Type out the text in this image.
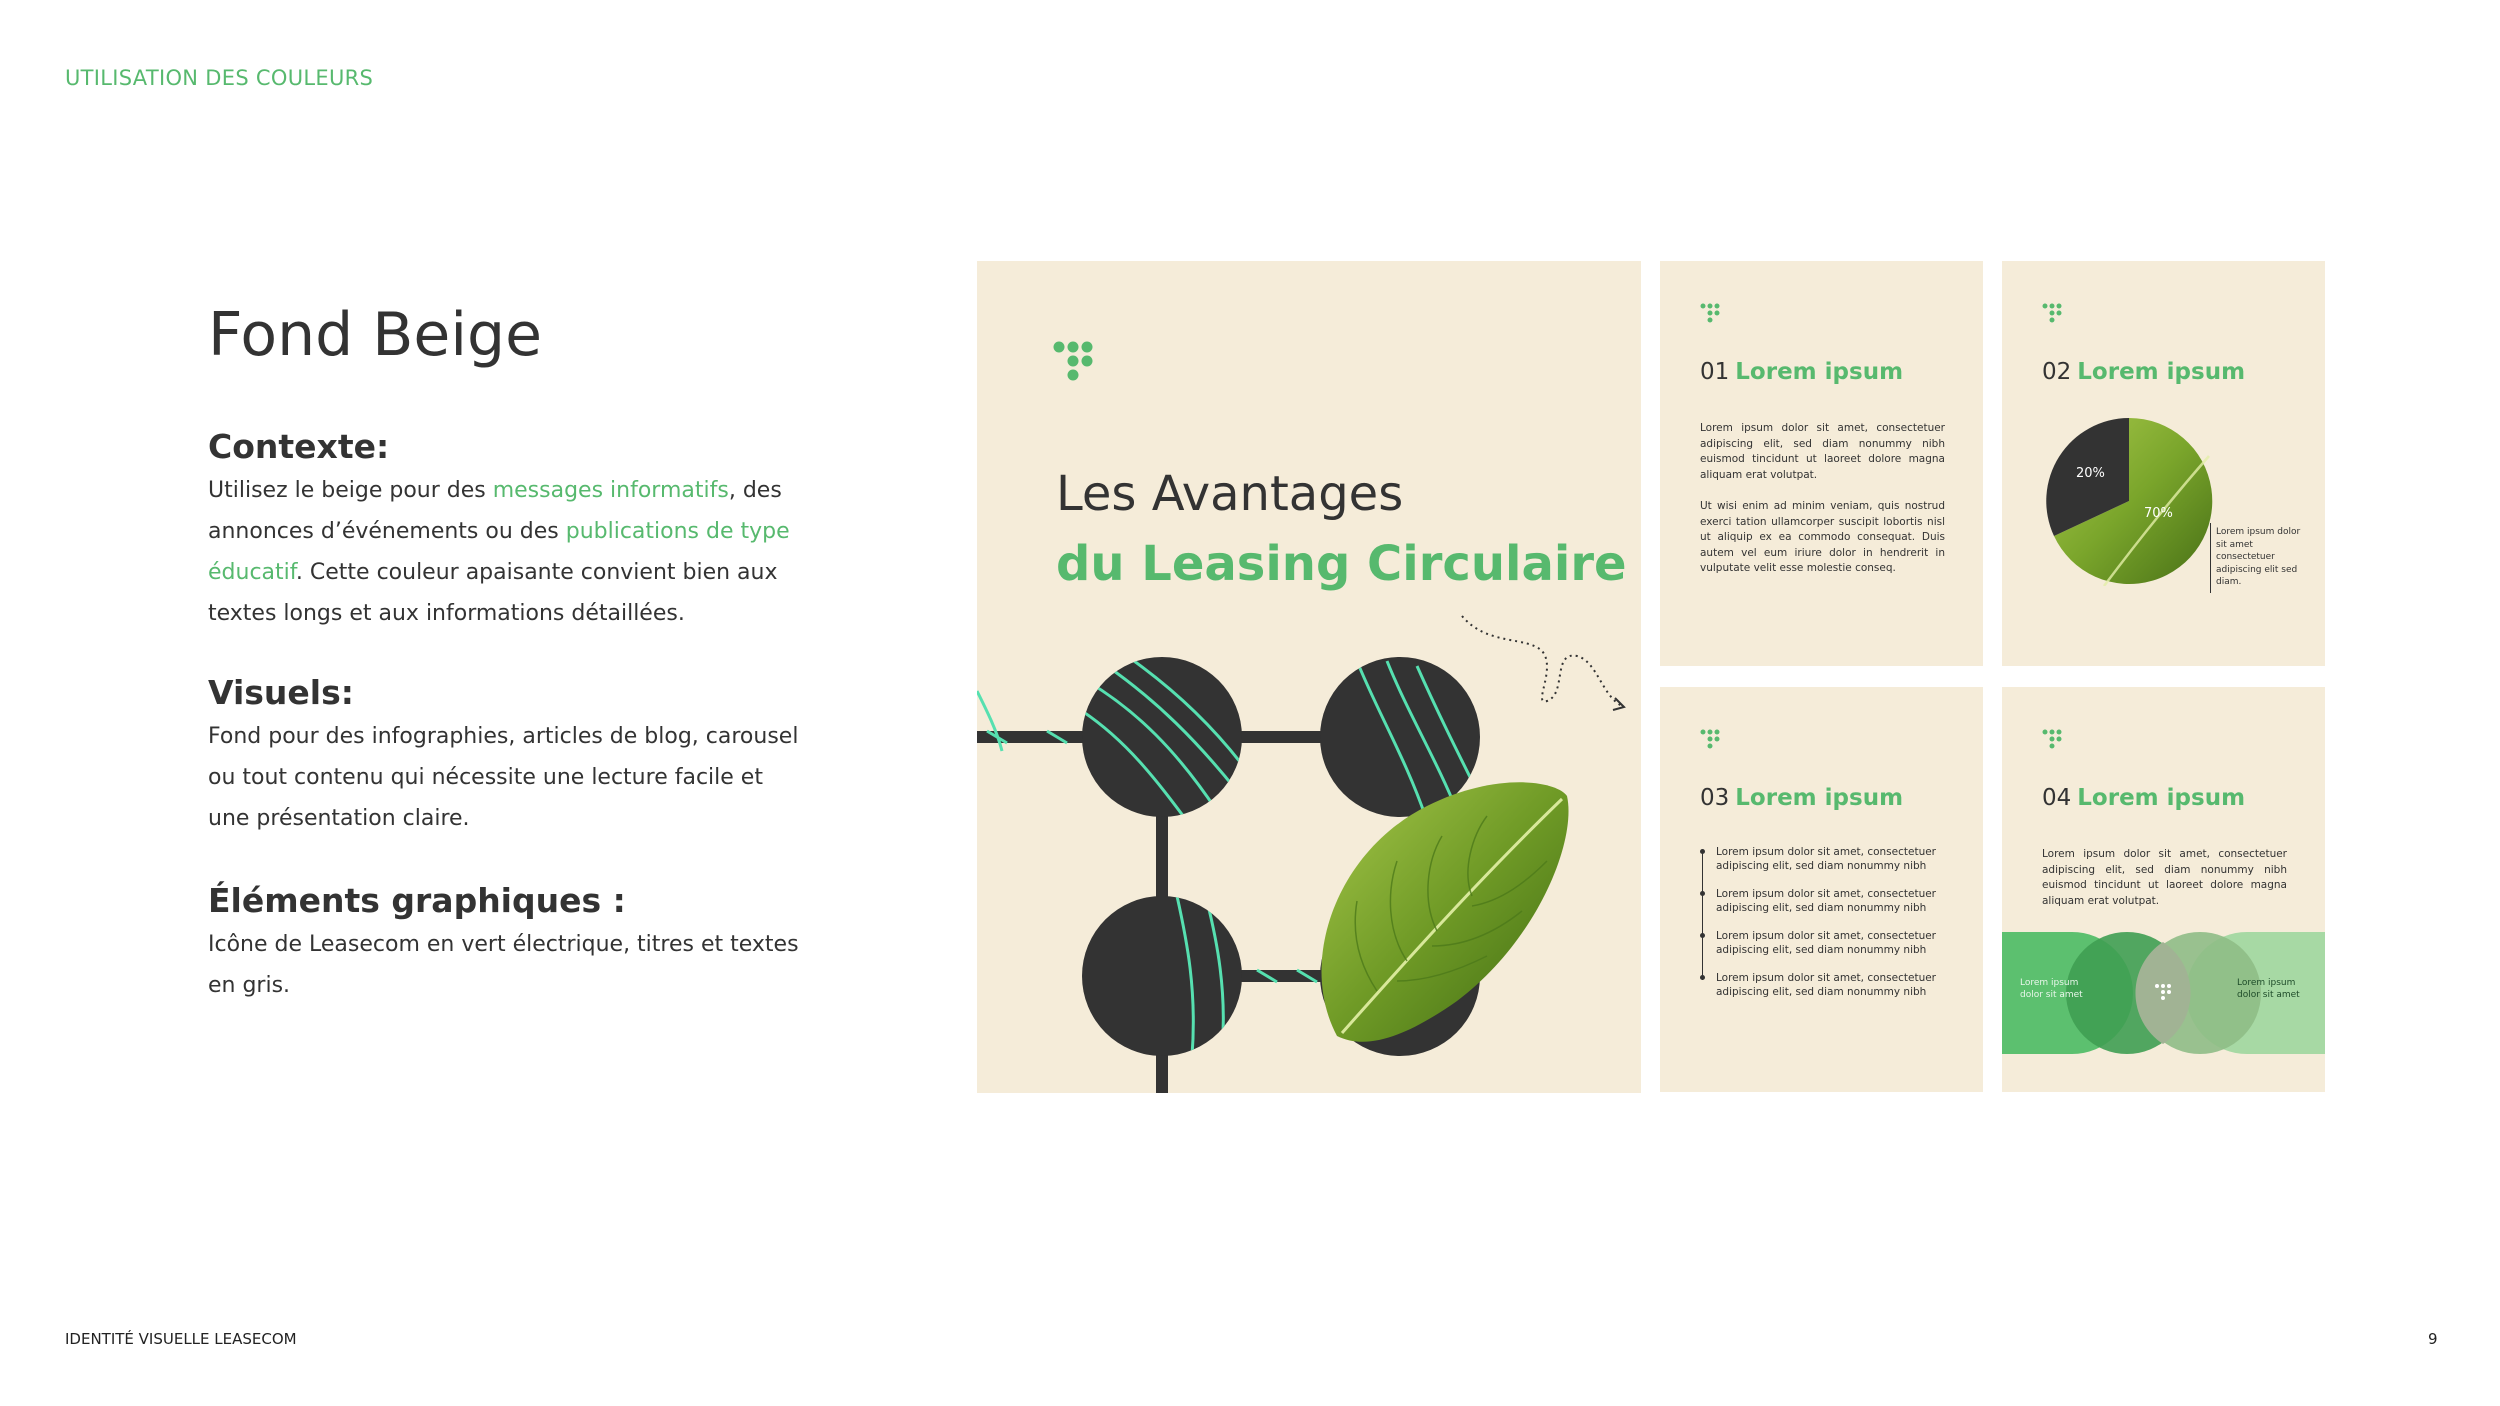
UTILISATION DES COULEURS
IDENTITÉ VISUELLE LEASECOM	9
Fond Beige
Contexte:
Utilisez le beige pour des messages informatifs, des annonces d’événements ou des publications de type éducatif. Cette couleur apaisante convient bien aux textes longs et aux informations détaillées.
Visuels:
Fond pour des infographies, articles de blog, carousel ou tout contenu qui nécessite une lecture facile et une présentation claire.
Éléments graphiques :
Icône de Leasecom en vert électrique, titres et textes en gris.
Les Avantages
du Leasing Circulaire
01 Lorem ipsum
Lorem ipsum dolor sit amet, consectetuer adipiscing elit, sed diam nonummy nibh euismod tincidunt ut laoreet dolore magna aliquam erat volutpat.
Ut wisi enim ad minim veniam, quis nostrud exerci tation ullamcorper suscipit lobortis nisl ut aliquip ex ea commodo consequat. Duis autem vel eum iriure dolor in hendrerit in vulputate velit esse molestie conseq.
02 Lorem ipsum
20%
70%
Lorem ipsum dolor sit amet consectetuer adipiscing elit sed diam.
03 Lorem ipsum
Lorem ipsum dolor sit amet, consectetuer adipiscing elit, sed diam nonummy nibh
Lorem ipsum dolor sit amet, consectetuer adipiscing elit, sed diam nonummy nibh
Lorem ipsum dolor sit amet, consectetuer adipiscing elit, sed diam nonummy nibh
Lorem ipsum dolor sit amet, consectetuer adipiscing elit, sed diam nonummy nibh
04 Lorem ipsum
Lorem ipsum dolor sit amet, consectetuer adipiscing elit, sed diam nonummy nibh euismod tincidunt ut laoreet dolore magna aliquam erat volutpat.
Lorem ipsum dolor sit amet
Lorem ipsum dolor sit amet
